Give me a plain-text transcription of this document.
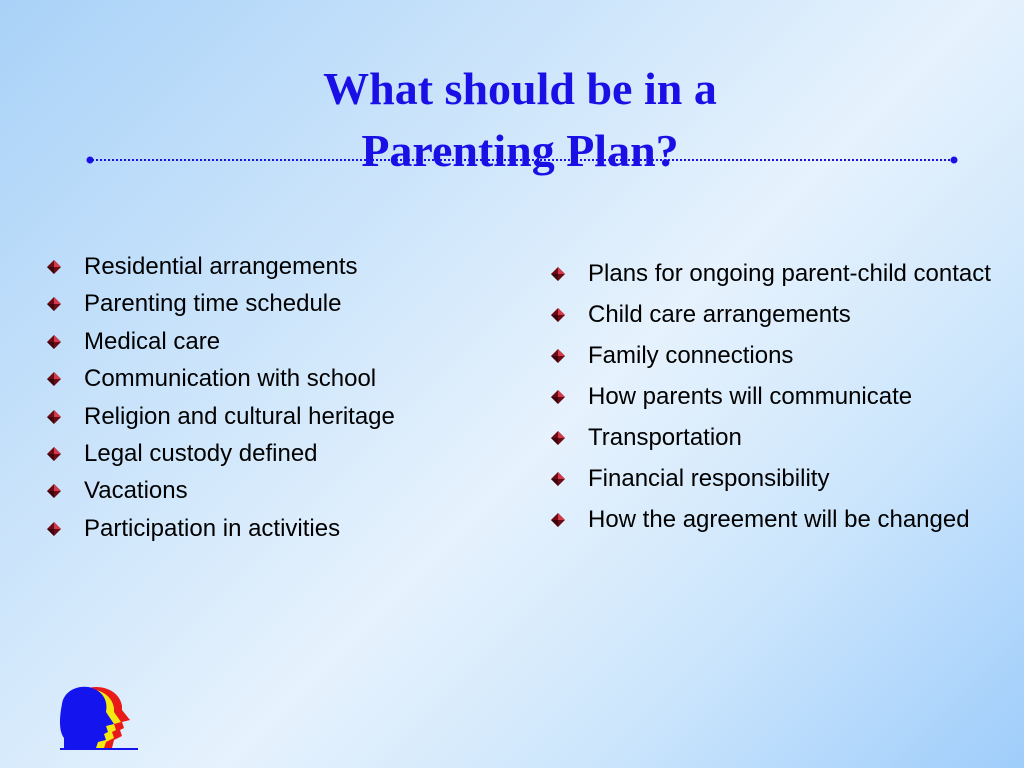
What should be in a
Parenting Plan?
Residential arrangements
Parenting time schedule
Medical care
Communication with school
Religion and cultural heritage
Legal custody defined
Vacations
Participation in activities
Plans for ongoing parent-child contact
Child care arrangements
Family connections
How parents will communicate
Transportation
Financial responsibility
How the agreement will be changed
